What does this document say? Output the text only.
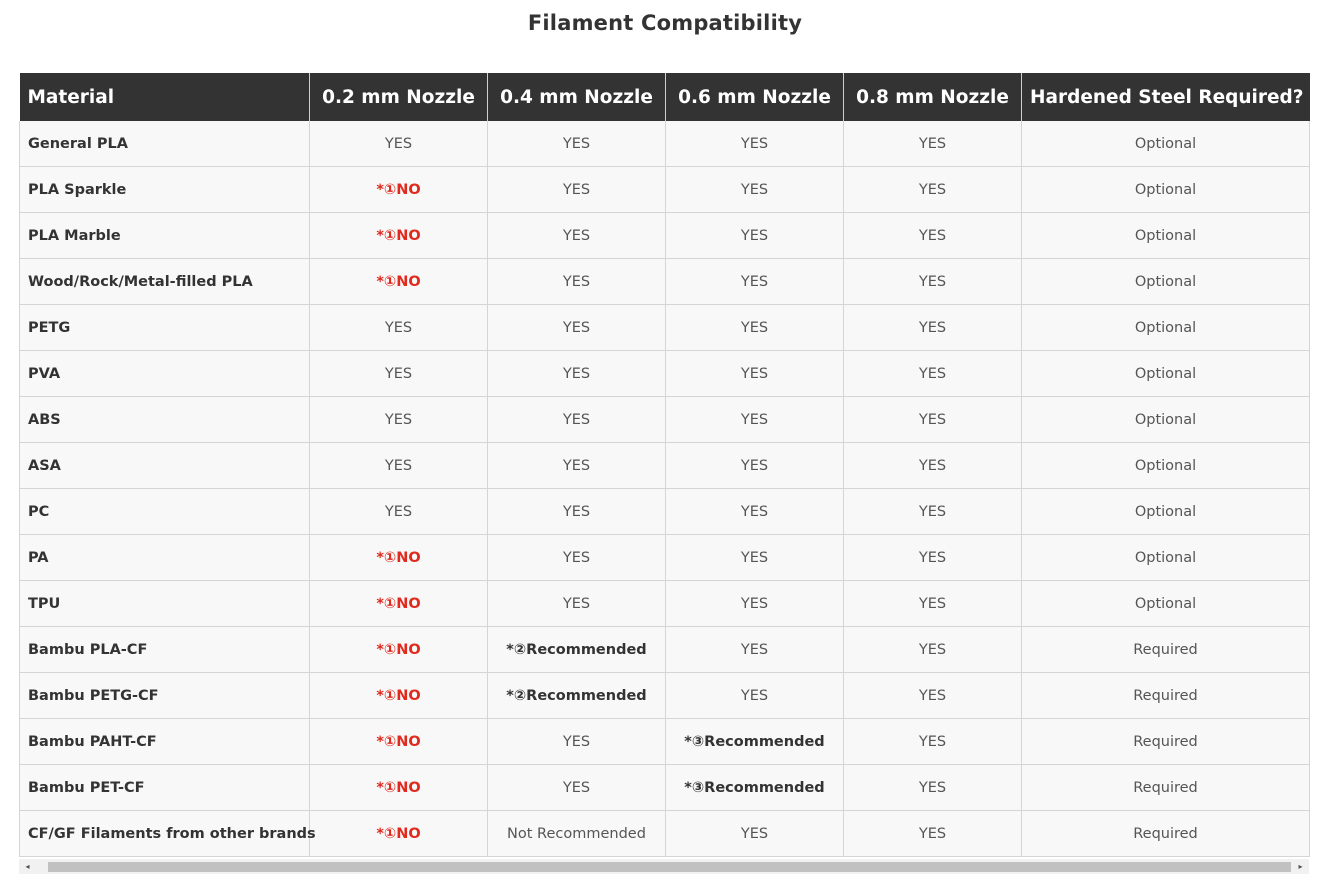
Filament Compatibility
Material	0.2 mm Nozzle	0.4 mm Nozzle	0.6 mm Nozzle	0.8 mm Nozzle	Hardened Steel Required?
General PLA	YES	YES	YES	YES	Optional
PLA Sparkle	*①NO	YES	YES	YES	Optional
PLA Marble	*①NO	YES	YES	YES	Optional
Wood/Rock/Metal-filled PLA	*①NO	YES	YES	YES	Optional
PETG	YES	YES	YES	YES	Optional
PVA	YES	YES	YES	YES	Optional
ABS	YES	YES	YES	YES	Optional
ASA	YES	YES	YES	YES	Optional
PC	YES	YES	YES	YES	Optional
PA	*①NO	YES	YES	YES	Optional
TPU	*①NO	YES	YES	YES	Optional
Bambu PLA-CF	*①NO	*②Recommended	YES	YES	Required
Bambu PETG-CF	*①NO	*②Recommended	YES	YES	Required
Bambu PAHT-CF	*①NO	YES	*③Recommended	YES	Required
Bambu PET-CF	*①NO	YES	*③Recommended	YES	Required
CF/GF Filaments from other brands	*①NO	Not Recommended	YES	YES	Required
◂	▸
